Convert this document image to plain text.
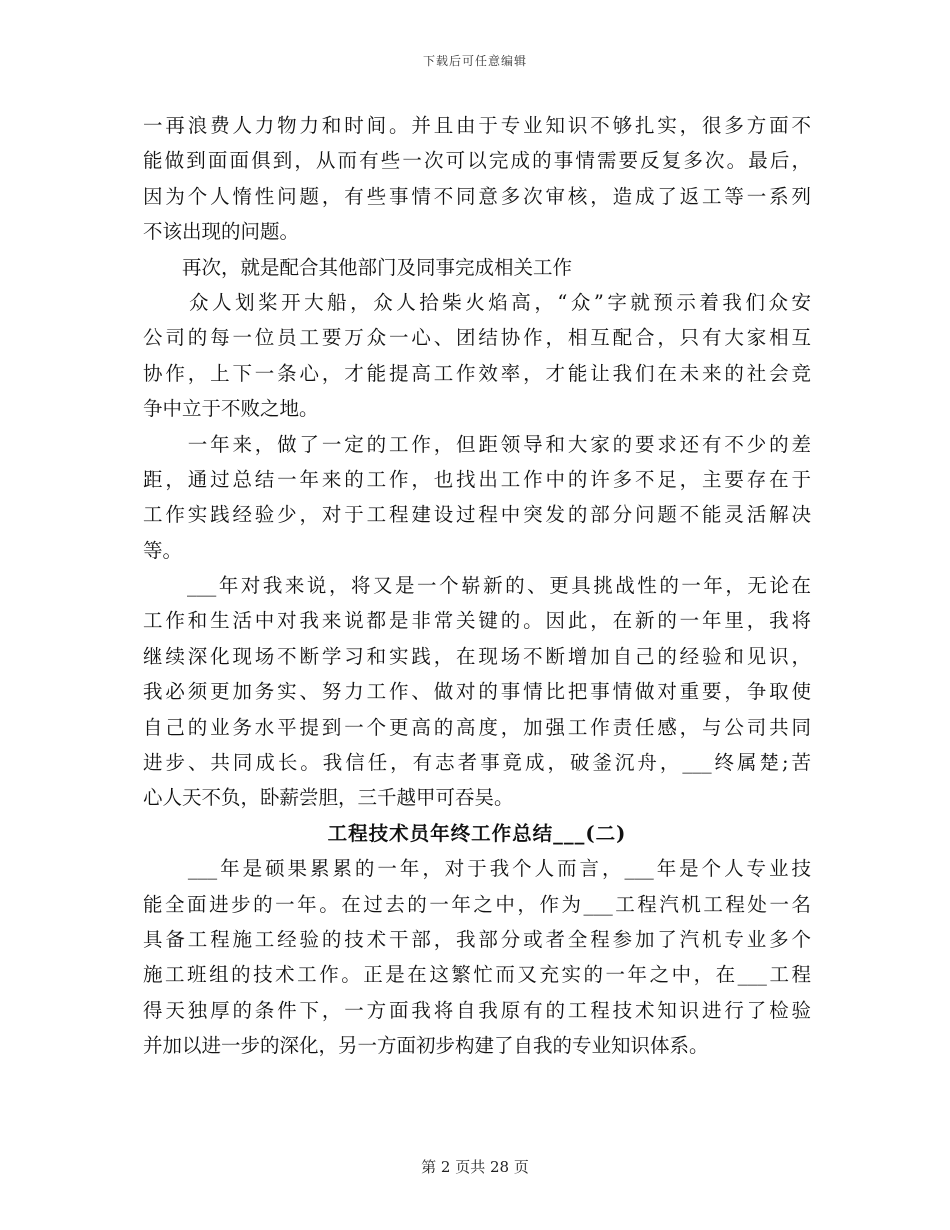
下载后可任意编辑
一再浪费人力物力和时间。并且由于专业知识不够扎实，很多方面不
能做到面面俱到，从而有些一次可以完成的事情需要反复多次。最后，
因为个人惰性问题，有些事情不同意多次审核，造成了返工等一系列
不该出现的问题。
　　再次，就是配合其他部门及同事完成相关工作
　　众人划桨开大船，众人拾柴火焰高，“众”字就预示着我们众安
公司的每一位员工要万众一心、团结协作，相互配合，只有大家相互
协作，上下一条心，才能提高工作效率，才能让我们在未来的社会竞
争中立于不败之地。
　　一年来，做了一定的工作，但距领导和大家的要求还有不少的差
距，通过总结一年来的工作，也找出工作中的许多不足，主要存在于
工作实践经验少，对于工程建设过程中突发的部分问题不能灵活解决
等。
　　___年对我来说，将又是一个崭新的、更具挑战性的一年，无论在
工作和生活中对我来说都是非常关键的。因此，在新的一年里，我将
继续深化现场不断学习和实践，在现场不断增加自己的经验和见识，
我必须更加务实、努力工作、做对的事情比把事情做对重要，争取使
自己的业务水平提到一个更高的高度，加强工作责任感，与公司共同
进步、共同成长。我信任，有志者事竟成，破釜沉舟，___终属楚;苦
心人天不负，卧薪尝胆，三千越甲可吞吴。
工程技术员年终工作总结___(二)
　　___年是硕果累累的一年，对于我个人而言，___年是个人专业技
能全面进步的一年。在过去的一年之中，作为___工程汽机工程处一名
具备工程施工经验的技术干部，我部分或者全程参加了汽机专业多个
施工班组的技术工作。正是在这繁忙而又充实的一年之中，在___工程
得天独厚的条件下，一方面我将自我原有的工程技术知识进行了检验
并加以进一步的深化，另一方面初步构建了自我的专业知识体系。
第 2 页共 28 页
